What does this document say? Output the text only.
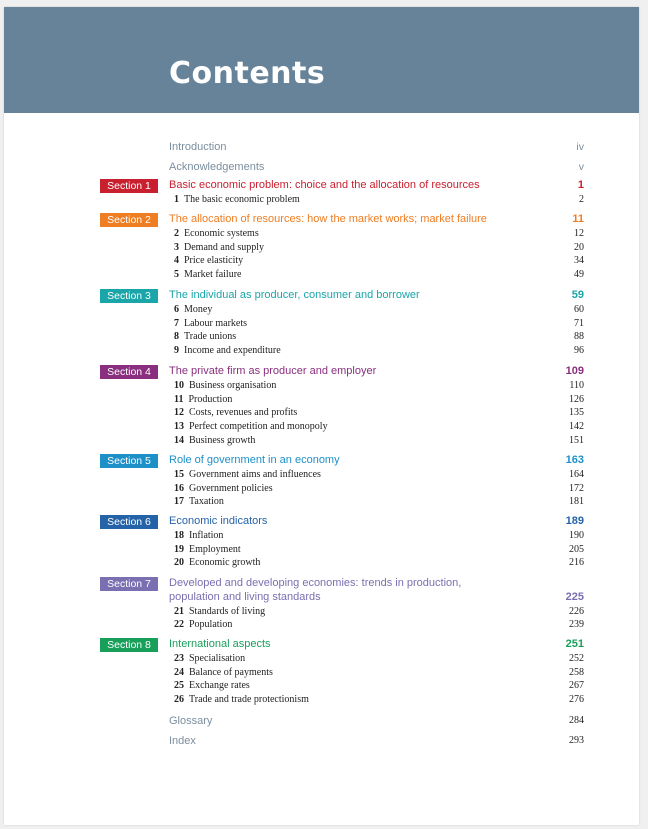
Contents
Introduction	iv
Acknowledgements	v
Section 1	Basic economic problem: choice and the allocation of resources	1
1 The basic economic problem	2
Section 2	The allocation of resources: how the market works; market failure	11
2 Economic systems	12
3 Demand and supply	20
4 Price elasticity	34
5 Market failure	49
Section 3	The individual as producer, consumer and borrower	59
6 Money	60
7 Labour markets	71
8 Trade unions	88
9 Income and expenditure	96
Section 4	The private firm as producer and employer	109
10 Business organisation	110
11 Production	126
12 Costs, revenues and profits	135
13 Perfect competition and monopoly	142
14 Business growth	151
Section 5	Role of government in an economy	163
15 Government aims and influences	164
16 Government policies	172
17 Taxation	181
Section 6	Economic indicators	189
18 Inflation	190
19 Employment	205
20 Economic growth	216
Section 7	Developed and developing economies: trends in production, population and living standards	225
21 Standards of living	226
22 Population	239
Section 8	International aspects	251
23 Specialisation	252
24 Balance of payments	258
25 Exchange rates	267
26 Trade and trade protectionism	276
Glossary	284
Index	293
